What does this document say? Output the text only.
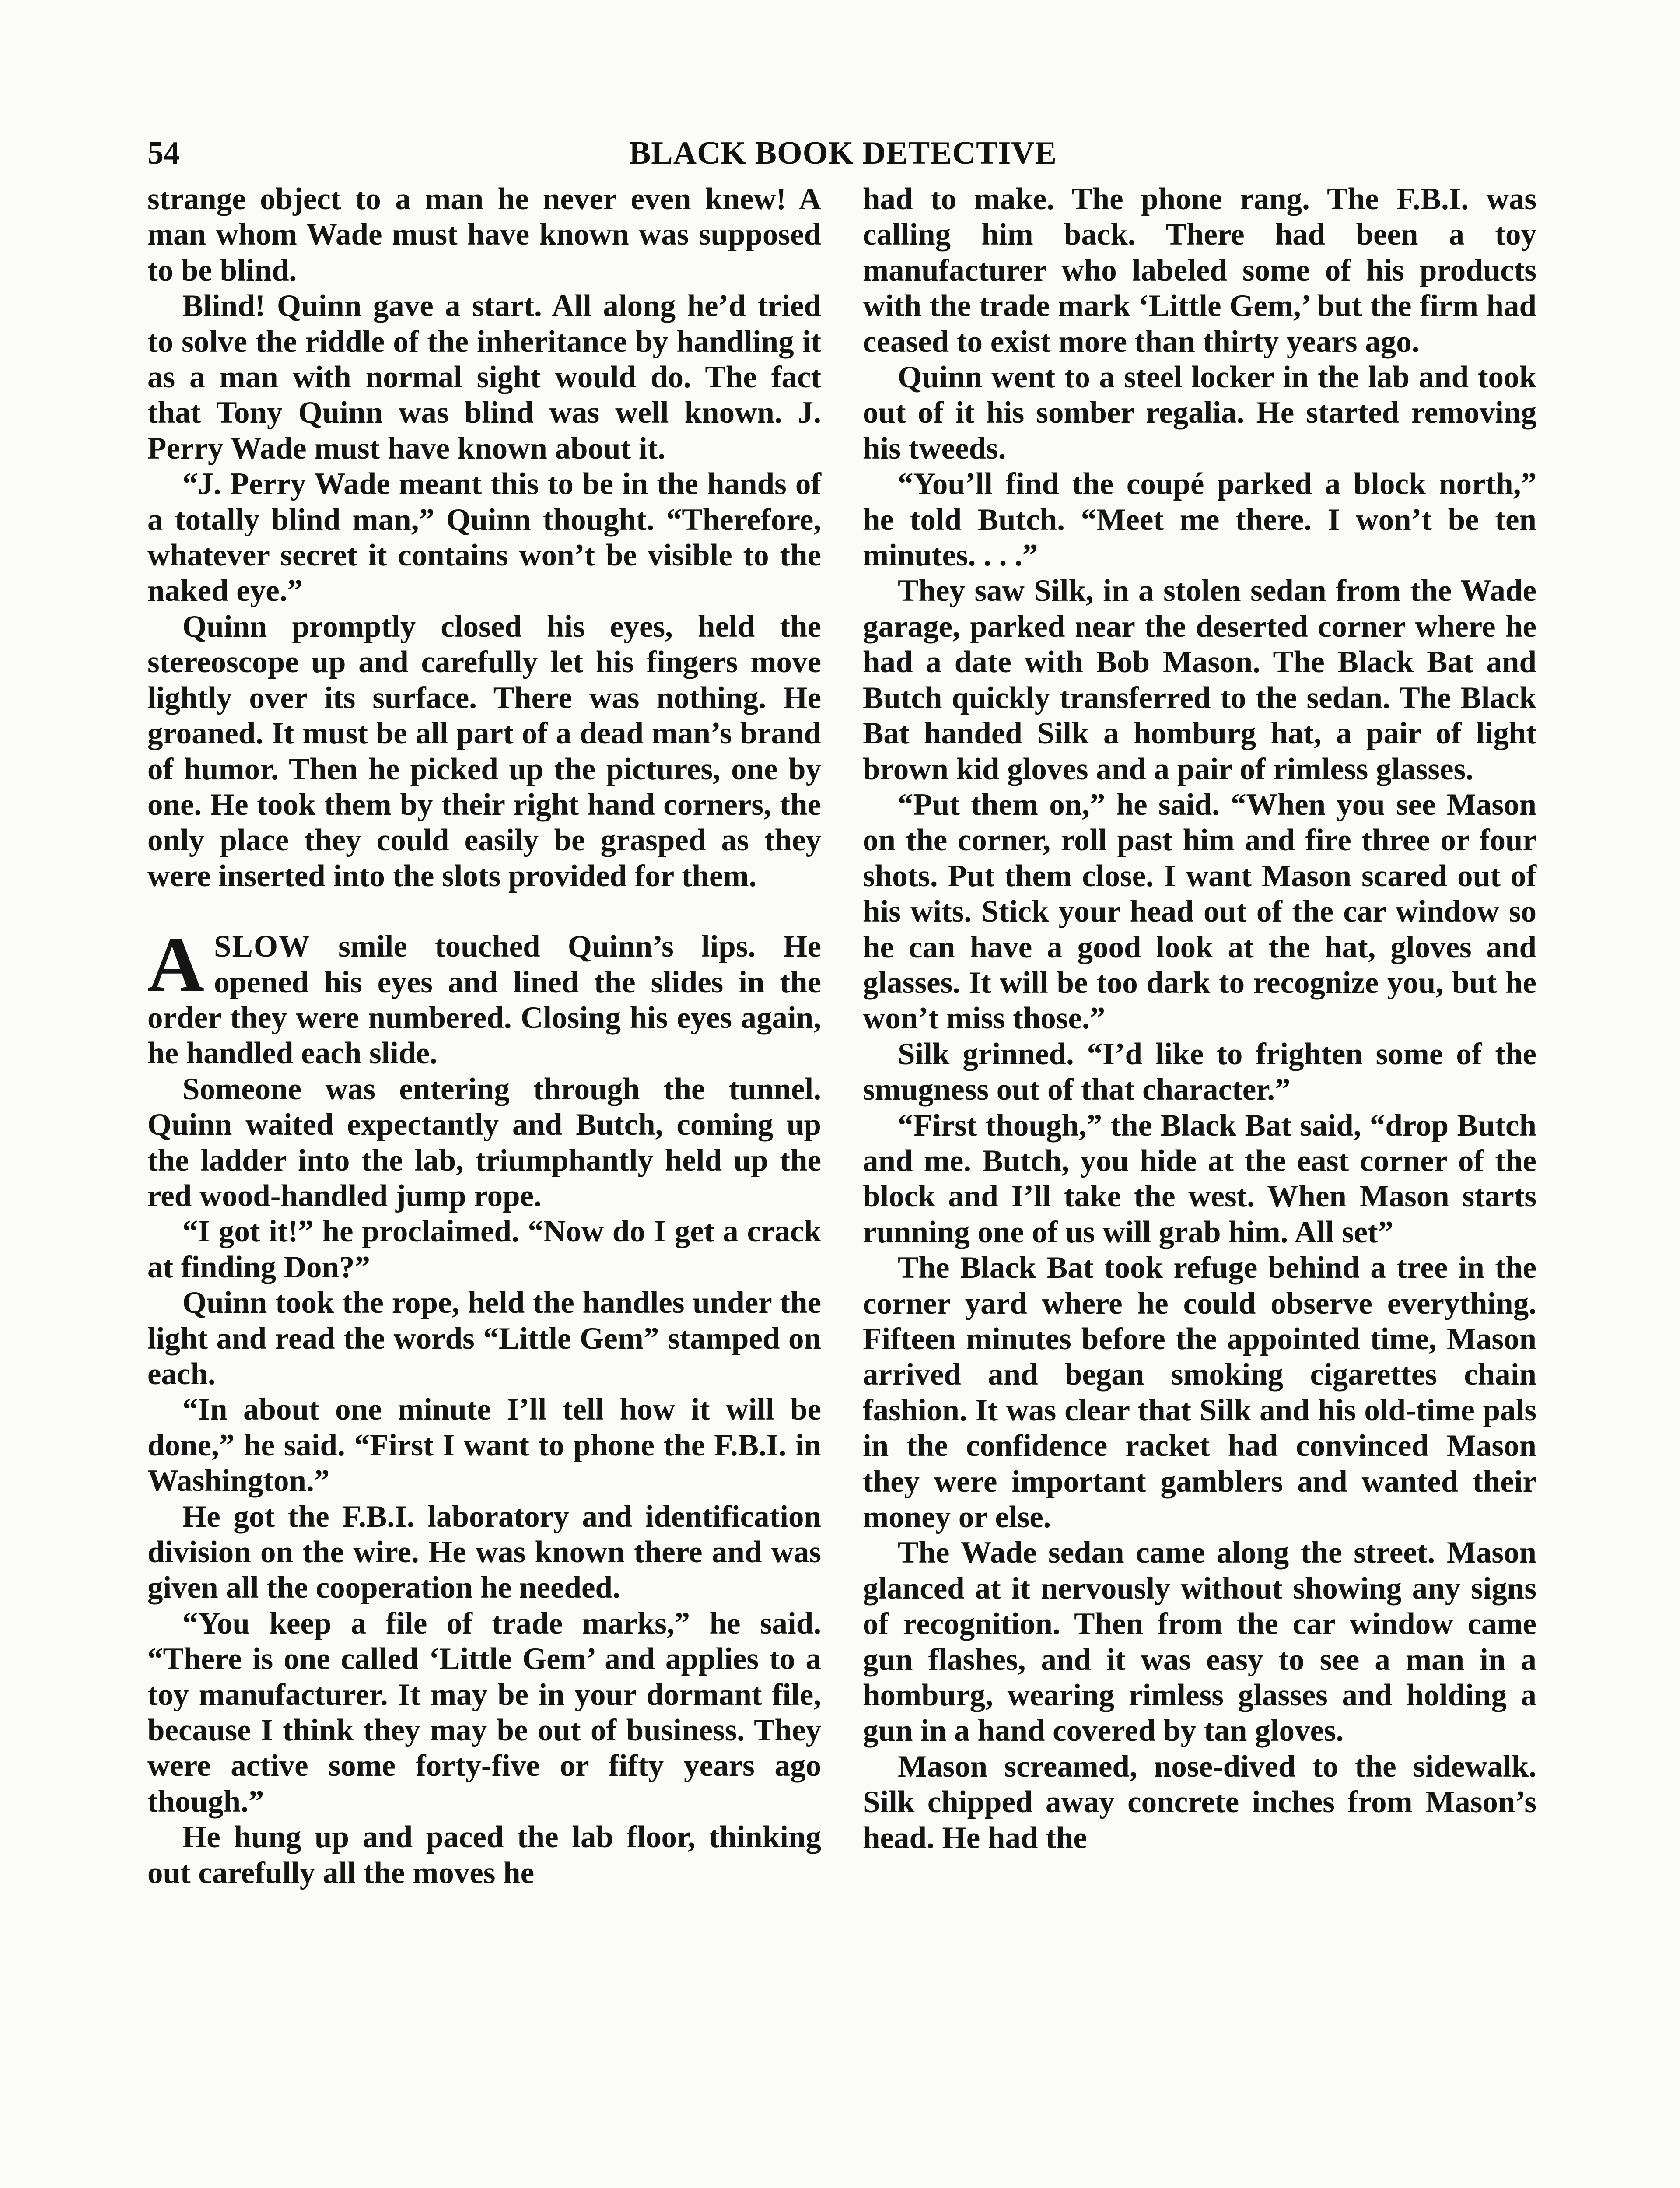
54	BLACK BOOK DETECTIVE

strange object to a man he never even knew! A man whom Wade must have known was supposed to be blind.

Blind! Quinn gave a start. All along he’d tried to solve the riddle of the inheritance by handling it as a man with normal sight would do. The fact that Tony Quinn was blind was well known. J. Perry Wade must have known about it.

“J. Perry Wade meant this to be in the hands of a totally blind man,” Quinn thought. “Therefore, whatever secret it contains won’t be visible to the naked eye.”

Quinn promptly closed his eyes, held the stereoscope up and carefully let his fingers move lightly over its surface. There was nothing. He groaned. It must be all part of a dead man’s brand of humor. Then he picked up the pictures, one by one. He took them by their right hand corners, the only place they could easily be grasped as they were inserted into the slots provided for them.

ASLOW smile touched Quinn’s lips. He opened his eyes and lined the slides in the order they were numbered. Closing his eyes again, he handled each slide.

Someone was entering through the tunnel. Quinn waited expectantly and Butch, coming up the ladder into the lab, triumphantly held up the red wood-handled jump rope.

“I got it!” he proclaimed. “Now do I get a crack at finding Don?”

Quinn took the rope, held the handles under the light and read the words “Little Gem” stamped on each.

“In about one minute I’ll tell how it will be done,” he said. “First I want to phone the F.B.I. in Washington.”

He got the F.B.I. laboratory and identification division on the wire. He was known there and was given all the cooperation he needed.

“You keep a file of trade marks,” he said. “There is one called ‘Little Gem’ and applies to a toy manufacturer. It may be in your dormant file, because I think they may be out of business. They were active some forty-five or fifty years ago though.”

He hung up and paced the lab floor, thinking out carefully all the moves he

had to make. The phone rang. The F.B.I. was calling him back. There had been a toy manufacturer who labeled some of his products with the trade mark ‘Little Gem,’ but the firm had ceased to exist more than thirty years ago.

Quinn went to a steel locker in the lab and took out of it his somber regalia. He started removing his tweeds.

“You’ll find the coupé parked a block north,” he told Butch. “Meet me there. I won’t be ten minutes. . . .”

They saw Silk, in a stolen sedan from the Wade garage, parked near the deserted corner where he had a date with Bob Mason. The Black Bat and Butch quickly transferred to the sedan. The Black Bat handed Silk a homburg hat, a pair of light brown kid gloves and a pair of rimless glasses.

“Put them on,” he said. “When you see Mason on the corner, roll past him and fire three or four shots. Put them close. I want Mason scared out of his wits. Stick your head out of the car window so he can have a good look at the hat, gloves and glasses. It will be too dark to recognize you, but he won’t miss those.”

Silk grinned. “I’d like to frighten some of the smugness out of that character.”

“First though,” the Black Bat said, “drop Butch and me. Butch, you hide at the east corner of the block and I’ll take the west. When Mason starts running one of us will grab him. All set”

The Black Bat took refuge behind a tree in the corner yard where he could observe everything. Fifteen minutes before the appointed time, Mason arrived and began smoking cigarettes chain fashion. It was clear that Silk and his old-time pals in the confidence racket had convinced Mason they were important gamblers and wanted their money or else.

The Wade sedan came along the street. Mason glanced at it nervously without showing any signs of recognition. Then from the car window came gun flashes, and it was easy to see a man in a homburg, wearing rimless glasses and holding a gun in a hand covered by tan gloves.

Mason screamed, nose-dived to the sidewalk. Silk chipped away concrete inches from Mason’s head. He had the
